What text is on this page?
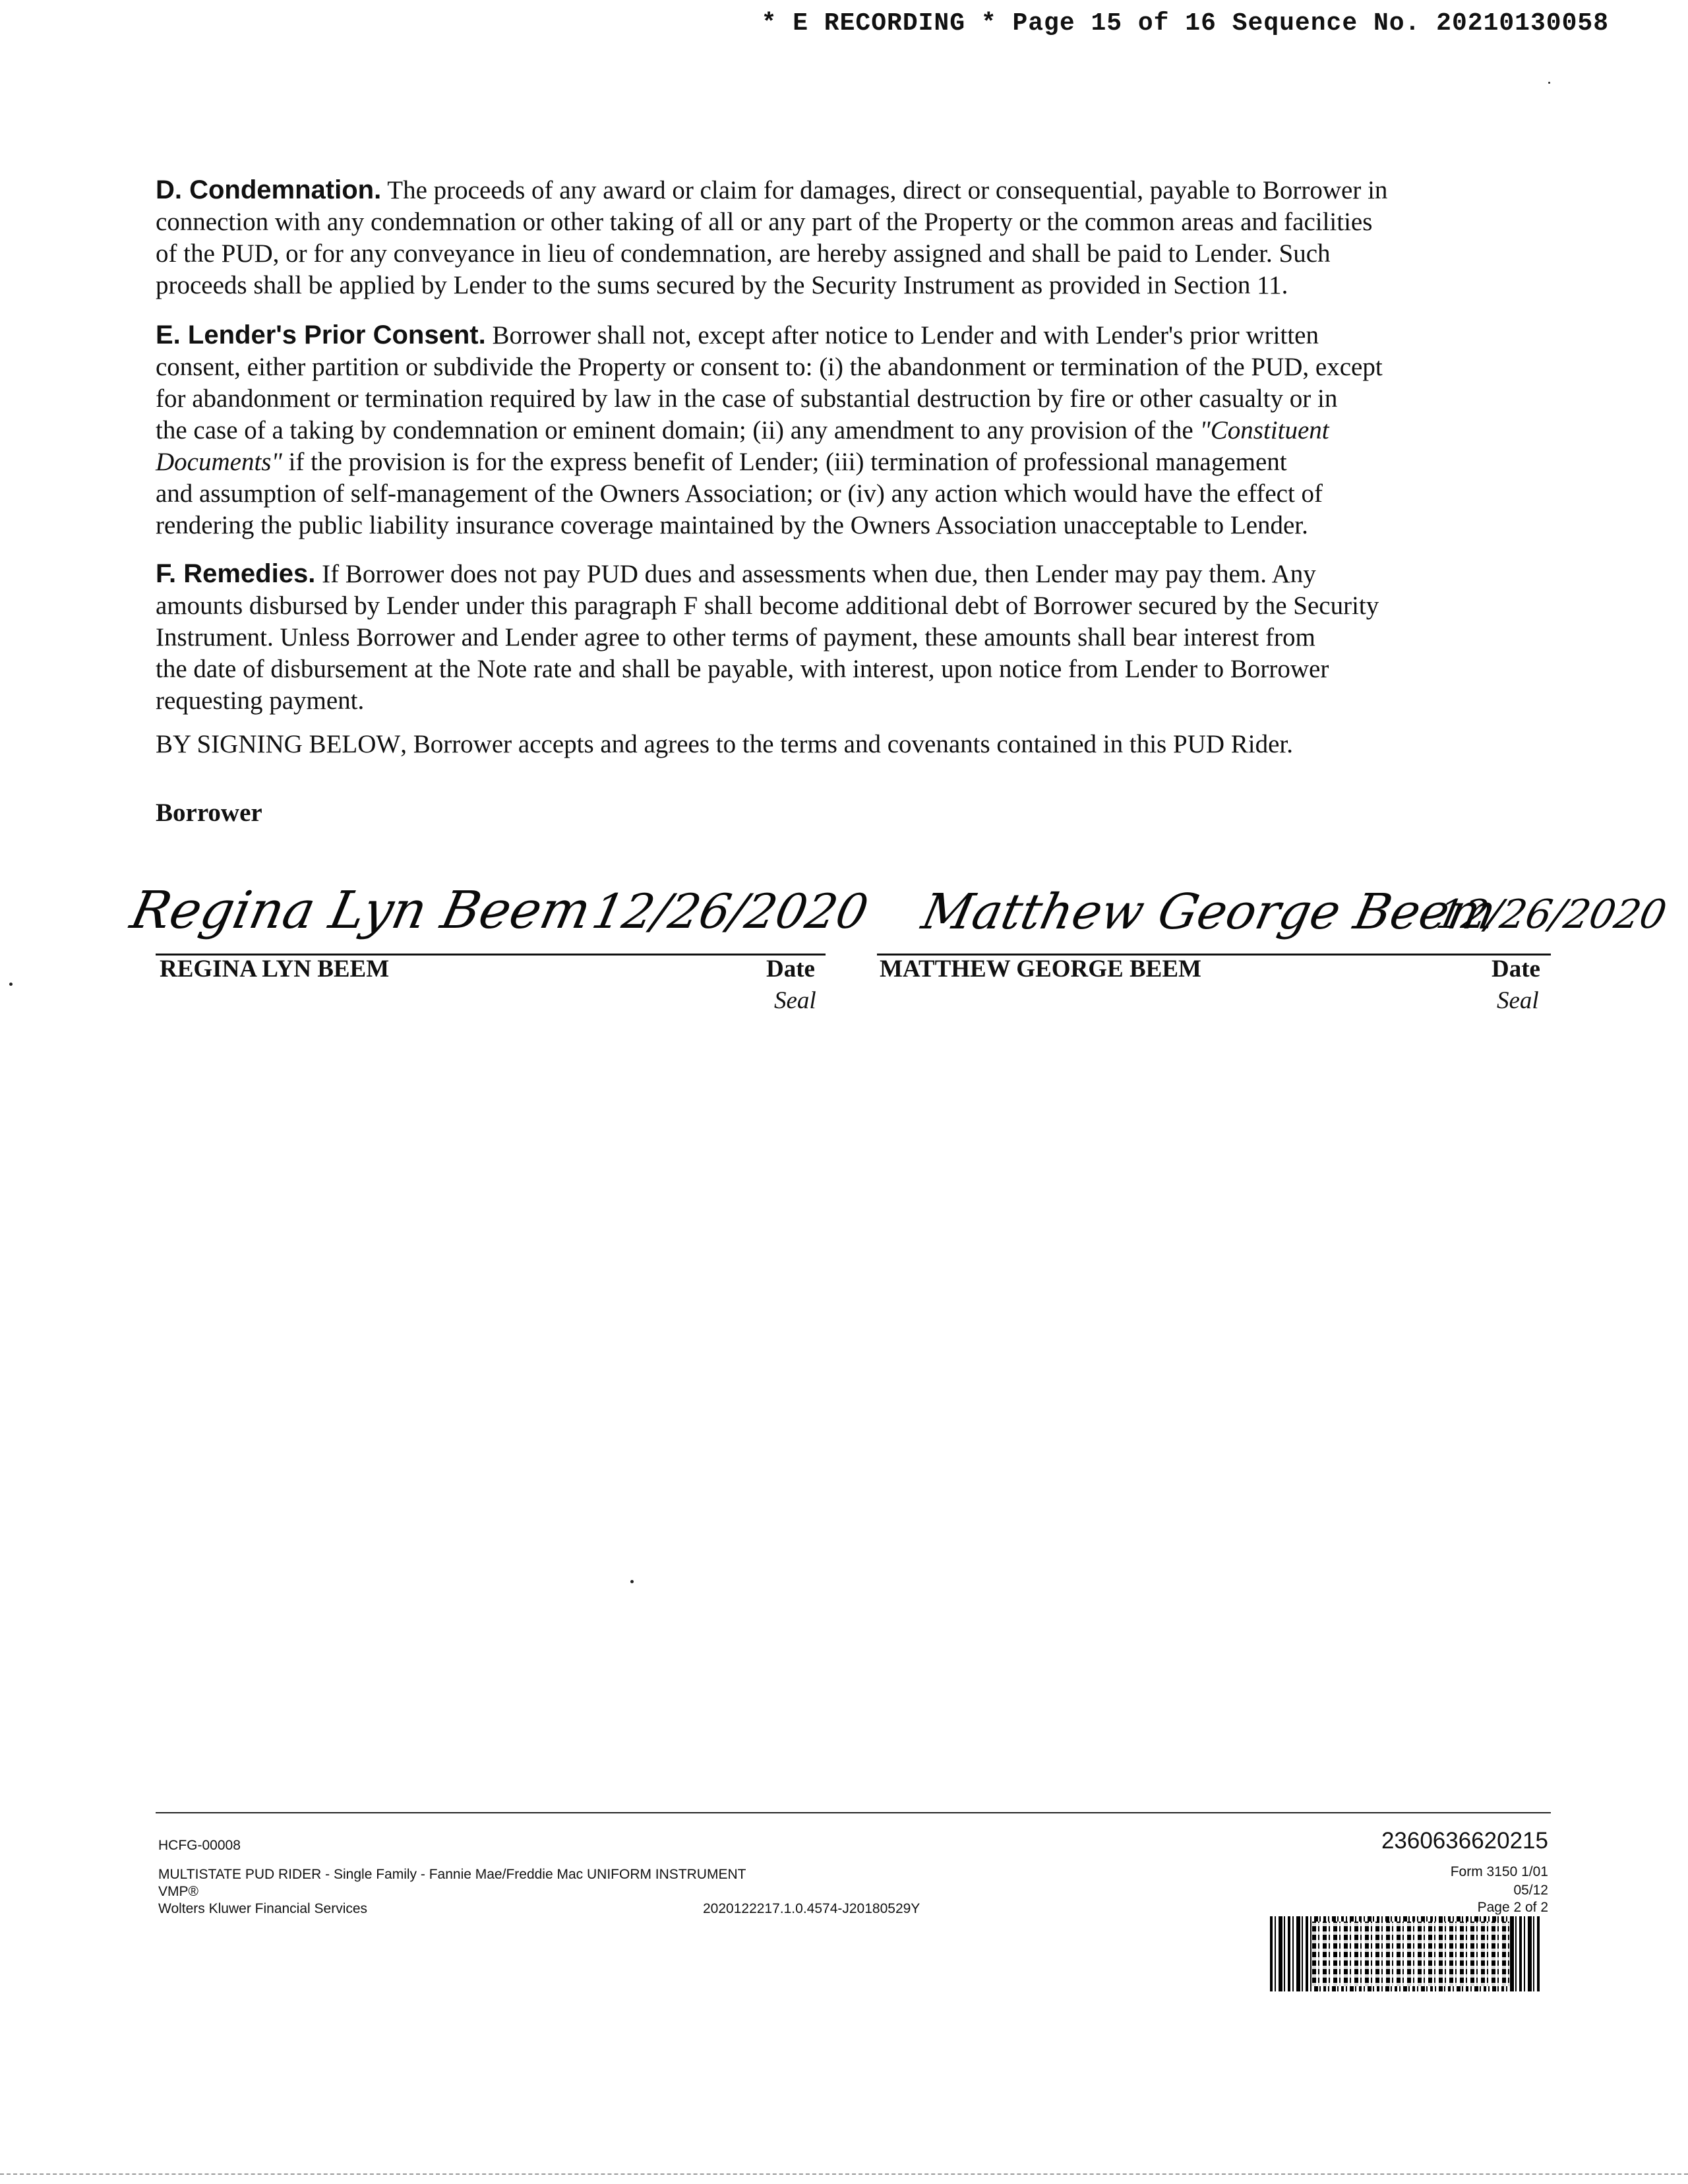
* E RECORDING * Page 15 of 16 Sequence No. 20210130058

D. Condemnation. The proceeds of any award or claim for damages, direct or consequential, payable to Borrower in

connection with any condemnation or other taking of all or any part of the Property or the common areas and facilities

of the PUD, or for any conveyance in lieu of condemnation, are hereby assigned and shall be paid to Lender. Such

proceeds shall be applied by Lender to the sums secured by the Security Instrument as provided in Section 11.

E. Lender's Prior Consent. Borrower shall not, except after notice to Lender and with Lender's prior written

consent, either partition or subdivide the Property or consent to: (i) the abandonment or termination of the PUD, except

for abandonment or termination required by law in the case of substantial destruction by fire or other casualty or in

the case of a taking by condemnation or eminent domain; (ii) any amendment to any provision of the "Constituent

Documents" if the provision is for the express benefit of Lender; (iii) termination of professional management

and assumption of self-management of the Owners Association; or (iv) any action which would have the effect of

rendering the public liability insurance coverage maintained by the Owners Association unacceptable to Lender.

F. Remedies. If Borrower does not pay PUD dues and assessments when due, then Lender may pay them. Any

amounts disbursed by Lender under this paragraph F shall become additional debt of Borrower secured by the Security

Instrument. Unless Borrower and Lender agree to other terms of payment, these amounts shall bear interest from

the date of disbursement at the Note rate and shall be payable, with interest, upon notice from Lender to Borrower

requesting payment.

BY SIGNING BELOW, Borrower accepts and agrees to the terms and covenants contained in this PUD Rider.
Borrower
Regina Lyn Beem
12/26/2020
REGINA LYN BEEM	Date
Seal
Matthew George Beem
12/26/2020
MATTHEW GEORGE BEEM	Date
Seal
HCFG-00008
MULTISTATE PUD RIDER - Single Family - Fannie Mae/Freddie Mac UNIFORM INSTRUMENT
VMP®
Wolters Kluwer Financial Services	2020122217.1.0.4574-J20180529Y
2360636620215
Form 3150 1/01
05/12
Page 2 of 2
